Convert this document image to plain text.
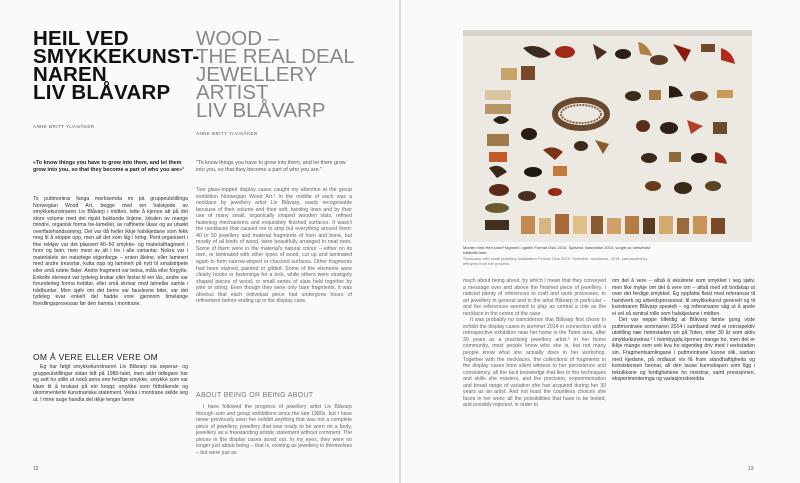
HEIL VED
SMYKKEKUNST-
NAREN
LIV BLÅVARP
WOOD –
THE REAL DEAL
JEWELLERY
ARTIST
LIV BLÅVARP
ANNE BRITT YLVISÅKER
ANNE BRITT YLVISÅKER
«To know things you have to grow into them, and let them grow into you, so that they become a part of who you are»¹
"To know things you have to grow into them, and let them grow into you, so that they become a part of who you are."

To puttmontrar fanga merksemda mi på gruppeutstillinga Norwegian Wood Art, begge med ein halskjede av smykkekunstnaren Liv Blåvarp i midten, lette å kjenne att på det store volume med dei mjukt buktande linjene, lokalen av mange mindre, organisk forma tre-lameller, av raffinerte låsar og av utsøkt overflatehandsaming. Det var då heller ikkje halskjedane som fekk meg til å stoppe opp, men alt det som låg i kring. Pent organisert i fine rekkjer var det plassert 40–50 smykke- og materialfragment i horn og bein, men mest av alt i tre i alle variantar. Nokre var i materialets sin naturlege eigenfarge – enten åleine, eller laminert med andre tresortar, kutta opp og laminert på nytt til smalstripete eller små rutete flater. Andre fragment var beisa, måla eller forgylte. Enkelte element var tydeleg krokar eller festar til ein lås, andre var forunderleg forma trebitar, eller små skrivar med lamellar samla i trådbuntar. Men sjølv om det berre var fauslevne biter, var det tydeleg kvar enkelt del hadde vore gjennom timelange foredlingsprosessar før den hamna i montrane.

OM Å VERE ELLER VERE OM

Eg har følgt smykkekunstnaren Liv Blåvarp sia seperar- og gruppeutstillingar sidan tidt på 1980-talet, men aldri tidlegare har eg sett ho stille ut nokå anna enn ferdige smykke, smykke som var klare til å brukast på ein kropp; smykke som frittstående og ukommenterte kunstnariske statement. Verka i montrane skilde seg ut. I mine auge handla det ikkje lenger berre

Two glass-topped display cases caught my attention at the group exhibition Norwegian Wood Art.¹ In the middle of each was a necklace by jewellery artist Liv Blåvarp, easily recognisable because of their volume and their soft, twisting lines and by their use of many small, organically shaped wooden slats, refined fastening mechanisms and exquisitely finished surfaces. It wasn't the necklaces that caused me to stop but everything around them: 40 to 50 jewellery and material fragments of horn and bone, but mostly of all kinds of wood, were beautifully arranged in neat rows. Some of them were in the material's natural colour – either on its own, or laminated with other types of wood, cut up and laminated again to form narrow-striped or checked surfaces. Other fragments had been stained, painted or gilded. Some of the elements were clearly hooks or fastenings for a lock, while others were strangely shaped pieces of wood, or small series of slats held together by wire or string. Even though they were only bare fragments, it was obvious that each individual piece had undergone hours of refinement before ending up in the display case.

ABOUT BEING OR BEING ABOUT

I have followed the progress of jewellery artist Liv Blåvarp through solo and group exhibitions since the late 1980s, but I have never previously seen her exhibit anything that was not a complete piece of jewellery, jewellery that was ready to be worn on a body, jewellery as a freestanding artistic statement without comment. The pieces in the display cases stood out. In my eyes, they were no longer just about being – that is, existing as jewellery in themselves – but were just as

12	13
Monter med Hen sine/Fragment i galleri Format Oslo 2015. Sjølvest, halsnekke 2015, sorgitt av nettverkst trådsnitt-ham.
Showcase with small jewellery installation Format Oslo 2015. Selective, necklaces, 2015, surrounded by leftovers from the process.

much about being about, by which I mean that they conveyed a message over and above the finished piece of jewellery. I noticed plenty of references to craft and work processes, to art jewellery in general and to the artist Blåvarp in particular – and the references seemed to play as central a role as the necklace in the centre of the case.

It was probably no coincidence that Blåvarp first chose to exhibit the display cases in summer 2014 in connection with a retrospective exhibition near her home in the Toten area, after 30 years as a practising jewellery artist.² In her home community, most people know who she is, but not many people know what she actually does in her workshop. Together with the necklaces, the collections of fragments in the display cases bore silent witness to her persistence and consistency, all the tacit knowledge that lies in the techniques and skills she masters, and the precision, experimentation and broad range of variation she has acquired during her 30 years as an artist. And not least the countless choices she faces in her work: all the possibilities that have to be tested, and possibly rejected, in order to

om det å vere – altså å eksistere som smykket i seg sjølv, men like mykje om det å vere om – altså med eit bodskap ut over det ferdige smykket. Eg oppfatta fleist med referansar til handverk og arbeidsprosessar, til smykkekunst generelt og til kunstnaren Blåvarp spesielt – og referansane såg ut å spele ei vel så sentral rolle som halskjedane i midten.

Det var neppe tilfeldig at Blåvarp første gong viste puttmontrane sommaren 2014 i samband med ei retrospektiv utstilling nær heimstaden sin på Toten, etter 30 år som aktiv smykkekunstnar.² I heimbygda kjenner mange ho, men det er ikkje mange som veit kva ho eigentleg driv med i verkstaden sin. Fragmentsamlingane i puttmontrane kunne slik, saman med kjedane, på ordlaust vis få fram standhaftigheita og konsistensen hennar, all den tause kunnskapen som ligg i teknikkane og ferdigheitene ho meistrar, samt presisjonen, eksperimenteringa og variasjonsbreidda
